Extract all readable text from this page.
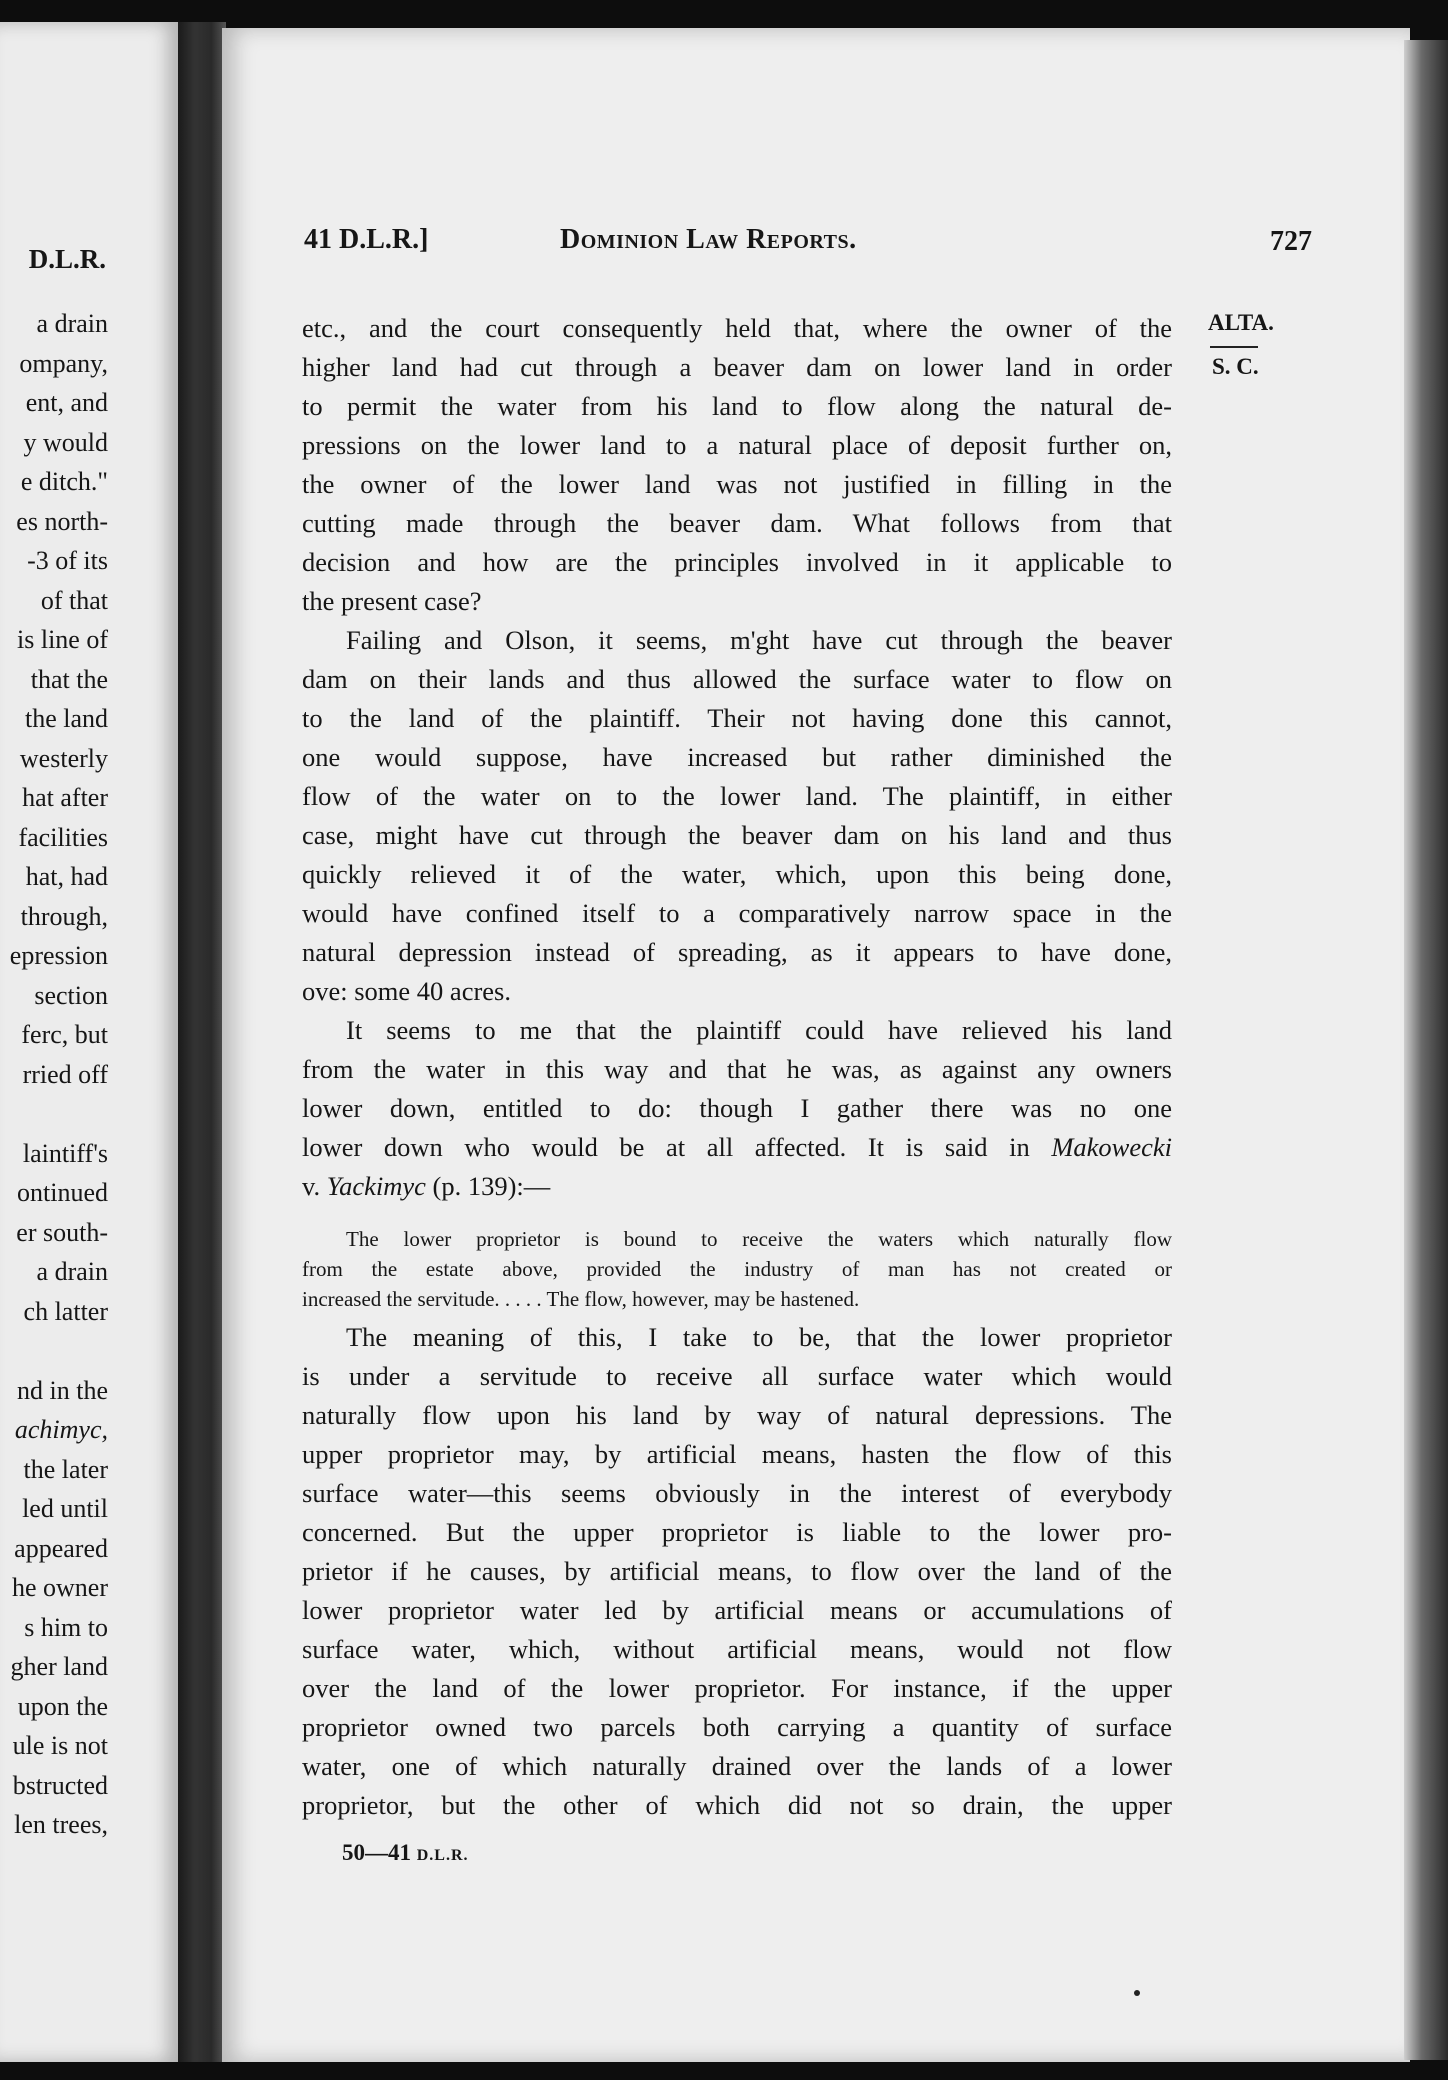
D.L.R.
a drain
ompany,
ent, and
y would
e ditch."
es north-
-3 of its
of that
is line of
that the
the land
westerly
hat after
facilities
hat, had
through,
epression
section
ferc, but
rried off
laintiff's
ontinued
er south-
a drain
ch latter
nd in the
achimyc,
the later
led until
appeared
he owner
s him to
gher land
upon the
ule is not
bstructed
len trees,
41 D.L.R.]	Dominion Law Reports.	727
ALTA.
S. C.
etc., and the court consequently held that, where the owner of the
higher land had cut through a beaver dam on lower land in order
to permit the water from his land to flow along the natural de-
pressions on the lower land to a natural place of deposit further on,
the owner of the lower land was not justified in filling in the
cutting made through the beaver dam. What follows from that
decision and how are the principles involved in it applicable to
the present case?
Failing and Olson, it seems, m'ght have cut through the beaver
dam on their lands and thus allowed the surface water to flow on
to the land of the plaintiff. Their not having done this cannot,
one would suppose, have increased but rather diminished the
flow of the water on to the lower land. The plaintiff, in either
case, might have cut through the beaver dam on his land and thus
quickly relieved it of the water, which, upon this being done,
would have confined itself to a comparatively narrow space in the
natural depression instead of spreading, as it appears to have done,
ove: some 40 acres.
It seems to me that the plaintiff could have relieved his land
from the water in this way and that he was, as against any owners
lower down, entitled to do: though I gather there was no one
lower down who would be at all affected. It is said in Makowecki
v. Yackimyc (p. 139):—
The lower proprietor is bound to receive the waters which naturally flow
from the estate above, provided the industry of man has not created or
increased the servitude. . . . . The flow, however, may be hastened.
The meaning of this, I take to be, that the lower proprietor
is under a servitude to receive all surface water which would
naturally flow upon his land by way of natural depressions. The
upper proprietor may, by artificial means, hasten the flow of this
surface water—this seems obviously in the interest of everybody
concerned. But the upper proprietor is liable to the lower pro-
prietor if he causes, by artificial means, to flow over the land of the
lower proprietor water led by artificial means or accumulations of
surface water, which, without artificial means, would not flow
over the land of the lower proprietor. For instance, if the upper
proprietor owned two parcels both carrying a quantity of surface
water, one of which naturally drained over the lands of a lower
proprietor, but the other of which did not so drain, the upper
50—41 D.L.R.
